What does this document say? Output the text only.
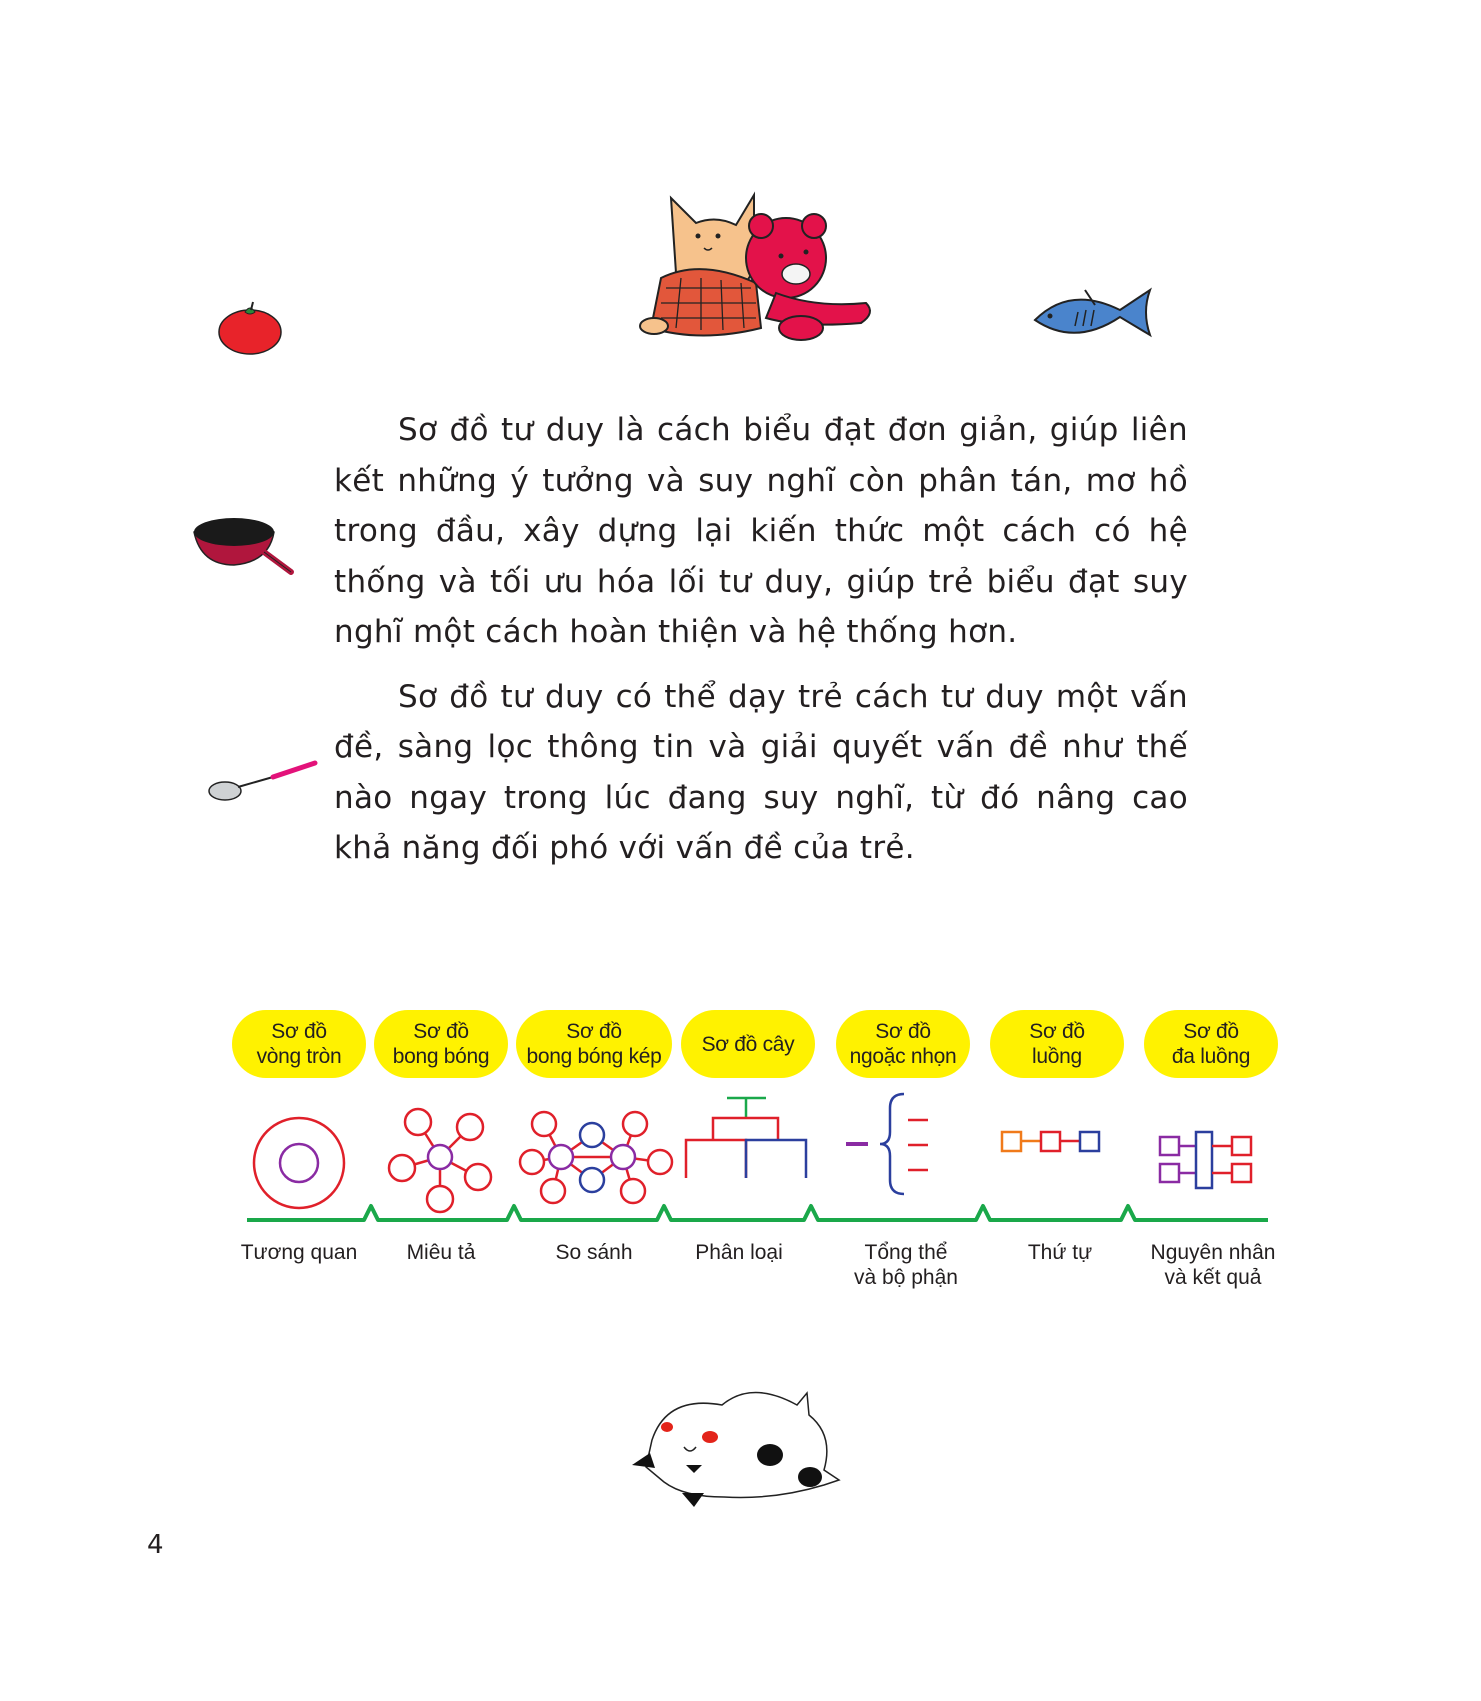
Sơ đồ tư duy là cách biểu đạt đơn giản, giúp liên kết những ý tưởng và suy nghĩ còn phân tán, mơ hồ trong đầu, xây dựng lại kiến thức một cách có hệ thống và tối ưu hóa lối tư duy, giúp trẻ biểu đạt suy nghĩ một cách hoàn thiện và hệ thống hơn.

Sơ đồ tư duy có thể dạy trẻ cách tư duy một vấn đề, sàng lọc thông tin và giải quyết vấn đề như thế nào ngay trong lúc đang suy nghĩ, từ đó nâng cao khả năng đối phó với vấn đề của trẻ.

Sơ đồ
vòng tròn
Sơ đồ
bong bóng
Sơ đồ
bong bóng kép
Sơ đồ cây
Sơ đồ
ngoặc nhọn
Sơ đồ
luồng
Sơ đồ
đa luồng
Tương quan	Miêu tả	So sánh	Phân loại	Tổng thể
và bộ phận
Thứ tự	Nguyên nhân
và kết quả
4
